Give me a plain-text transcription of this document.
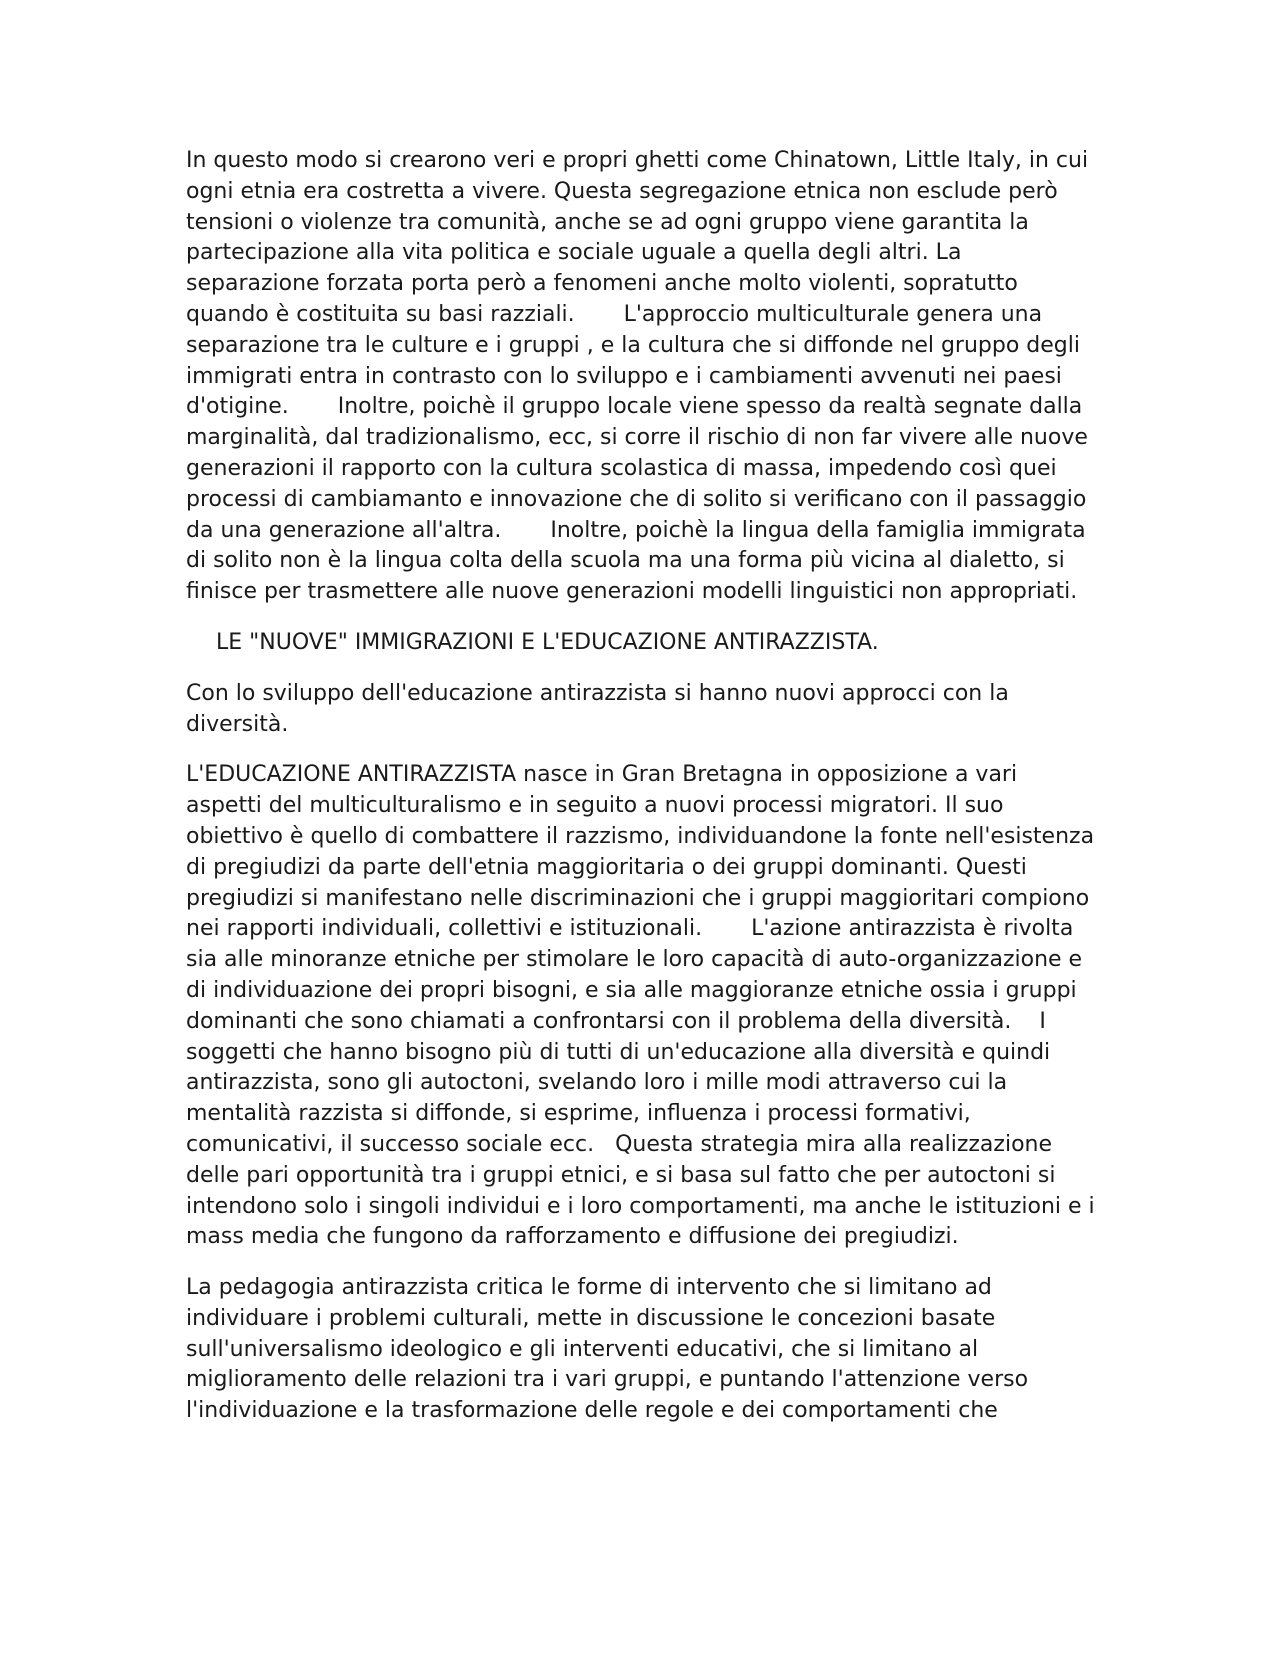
In questo modo si crearono veri e propri ghetti come Chinatown, Little Italy, in cui ogni etnia era costretta a vivere. Questa segregazione etnica non esclude però tensioni o violenze tra comunità, anche se ad ogni gruppo viene garantita la partecipazione alla vita politica e sociale uguale a quella degli altri. La separazione forzata porta però a fenomeni anche molto violenti, sopratutto quando è costituita su basi razziali.       L'approccio multiculturale genera una separazione tra le culture e i gruppi , e la cultura che si diffonde nel gruppo degli immigrati entra in contrasto con lo sviluppo e i cambiamenti avvenuti nei paesi d'otigine.       Inoltre, poichè il gruppo locale viene spesso da realtà segnate dalla marginalità, dal tradizionalismo, ecc, si corre il rischio di non far vivere alle nuove generazioni il rapporto con la cultura scolastica di massa, impedendo così quei processi di cambiamanto e innovazione che di solito si verificano con il passaggio da una generazione all'altra.       Inoltre, poichè la lingua della famiglia immigrata di solito non è la lingua colta della scuola ma una forma più vicina al dialetto, si finisce per trasmettere alle nuove generazioni modelli linguistici non appropriati.

LE "NUOVE" IMMIGRAZIONI E L'EDUCAZIONE ANTIRAZZISTA.

Con lo sviluppo dell'educazione antirazzista si hanno nuovi approcci con la diversità.

L'EDUCAZIONE ANTIRAZZISTA nasce in Gran Bretagna in opposizione a vari aspetti del multiculturalismo e in seguito a nuovi processi migratori. Il suo obiettivo è quello di combattere il razzismo, individuandone la fonte nell'esistenza di pregiudizi da parte dell'etnia maggioritaria o dei gruppi dominanti. Questi pregiudizi si manifestano nelle discriminazioni che i gruppi maggioritari compiono nei rapporti individuali, collettivi e istituzionali.       L'azione antirazzista è rivolta sia alle minoranze etniche per stimolare le loro capacità di auto-organizzazione e di individuazione dei propri bisogni, e sia alle maggioranze etniche ossia i gruppi dominanti che sono chiamati a confrontarsi con il problema della diversità.    I soggetti che hanno bisogno più di tutti di un'educazione alla diversità e quindi antirazzista, sono gli autoctoni, svelando loro i mille modi attraverso cui la mentalità razzista si diffonde, si esprime, influenza i processi formativi, comunicativi, il successo sociale ecc.   Questa strategia mira alla realizzazione delle pari opportunità tra i gruppi etnici, e si basa sul fatto che per autoctoni si intendono solo i singoli individui e i loro comportamenti, ma anche le istituzioni e i mass media che fungono da rafforzamento e diffusione dei pregiudizi.

La pedagogia antirazzista critica le forme di intervento che si limitano ad individuare i problemi culturali, mette in discussione le concezioni basate sull'universalismo ideologico e gli interventi educativi, che si limitano al miglioramento delle relazioni tra i vari gruppi, e puntando l'attenzione verso l'individuazione e la trasformazione delle regole e dei comportamenti che
